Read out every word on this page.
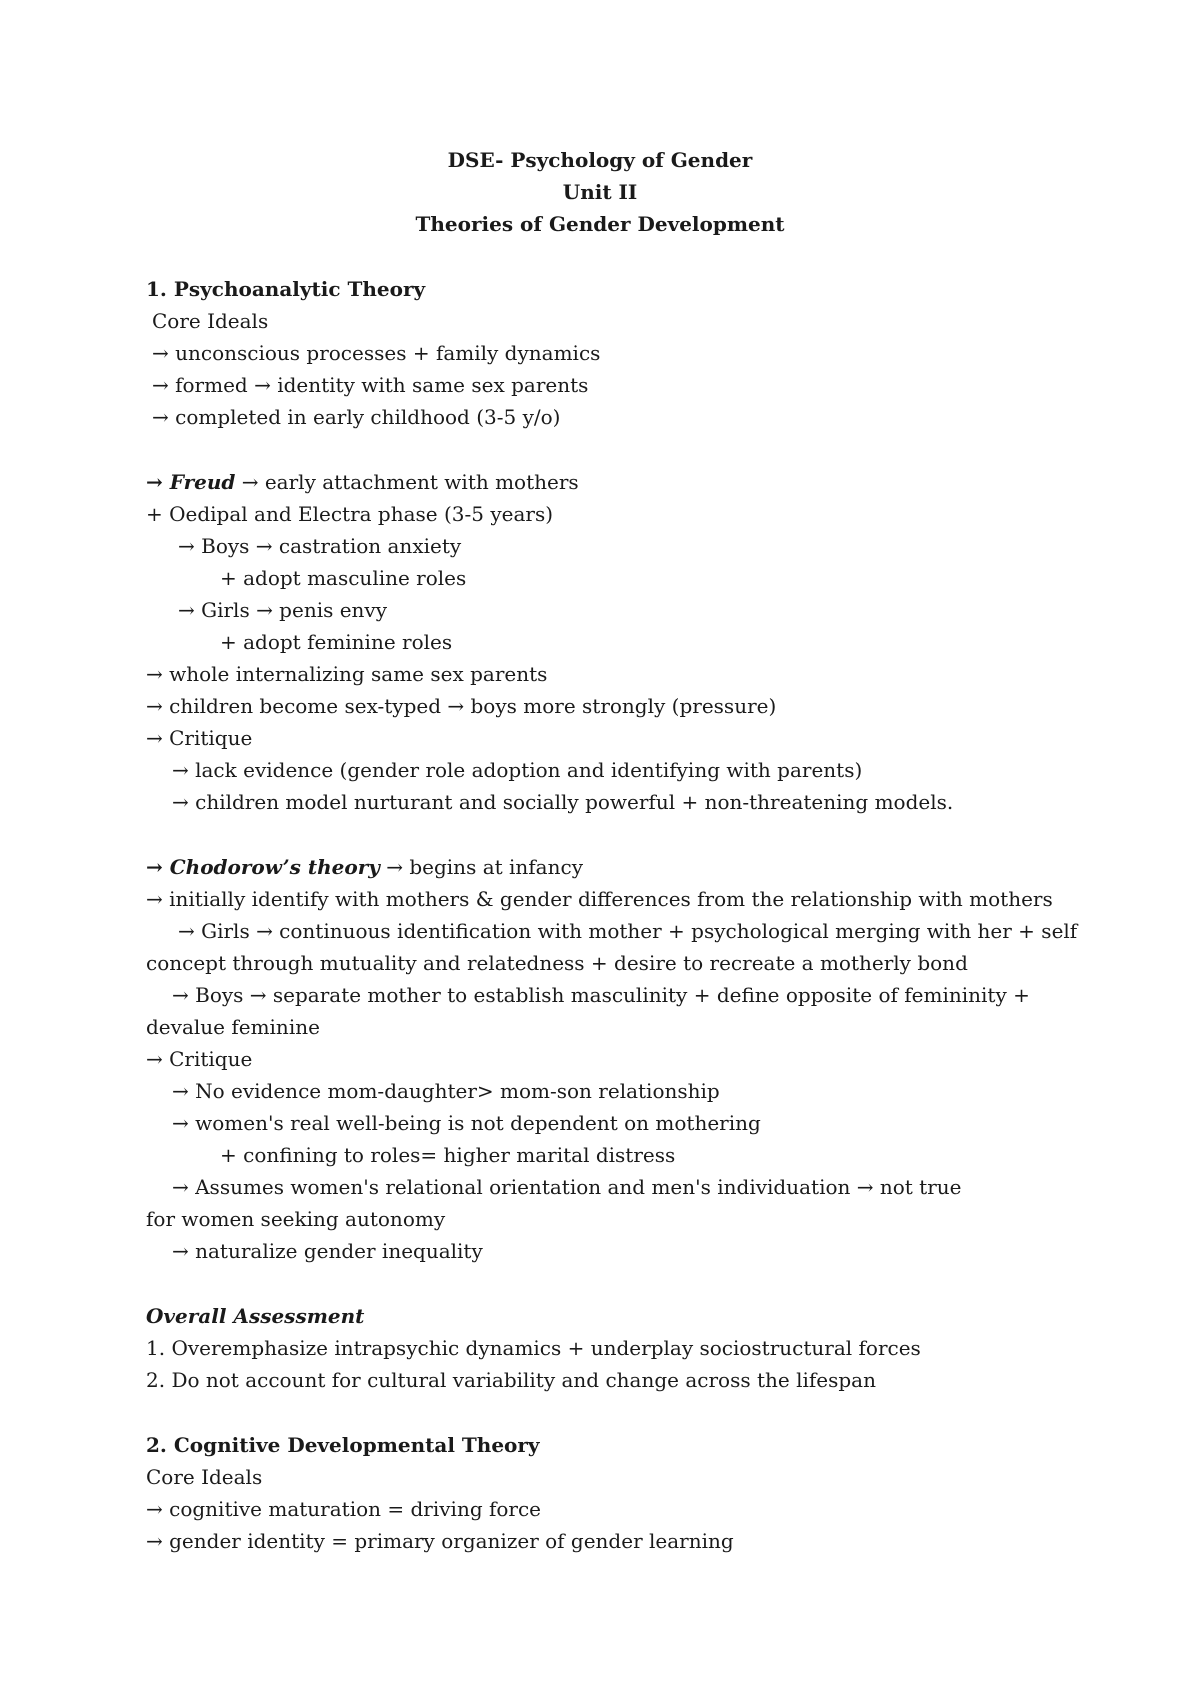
DSE- Psychology of Gender
Unit II
Theories of Gender Development
1. Psychoanalytic Theory
Core Ideals
→ unconscious processes + family dynamics
→ formed → identity with same sex parents
→ completed in early childhood (3-5 y/o)
→ Freud → early attachment with mothers
+ Oedipal and Electra phase (3-5 years)
→ Boys → castration anxiety
+ adopt masculine roles
→ Girls → penis envy
+ adopt feminine roles
→ whole internalizing same sex parents
→ children become sex-typed → boys more strongly (pressure)
→ Critique
→ lack evidence (gender role adoption and identifying with parents)
→ children model nurturant and socially powerful + non-threatening models.
→ Chodorow’s theory → begins at infancy
→ initially identify with mothers & gender differences from the relationship with mothers
→ Girls → continuous identification with mother + psychological merging with her + self
concept through mutuality and relatedness + desire to recreate a motherly bond
→ Boys → separate mother to establish masculinity + define opposite of femininity +
devalue feminine
→ Critique
→ No evidence mom-daughter> mom-son relationship
→ women's real well-being is not dependent on mothering
+ confining to roles= higher marital distress
→ Assumes women's relational orientation and men's individuation → not true
for women seeking autonomy
→ naturalize gender inequality
Overall Assessment
1. Overemphasize intrapsychic dynamics + underplay sociostructural forces
2. Do not account for cultural variability and change across the lifespan
2. Cognitive Developmental Theory
Core Ideals
→ cognitive maturation = driving force
→ gender identity = primary organizer of gender learning
